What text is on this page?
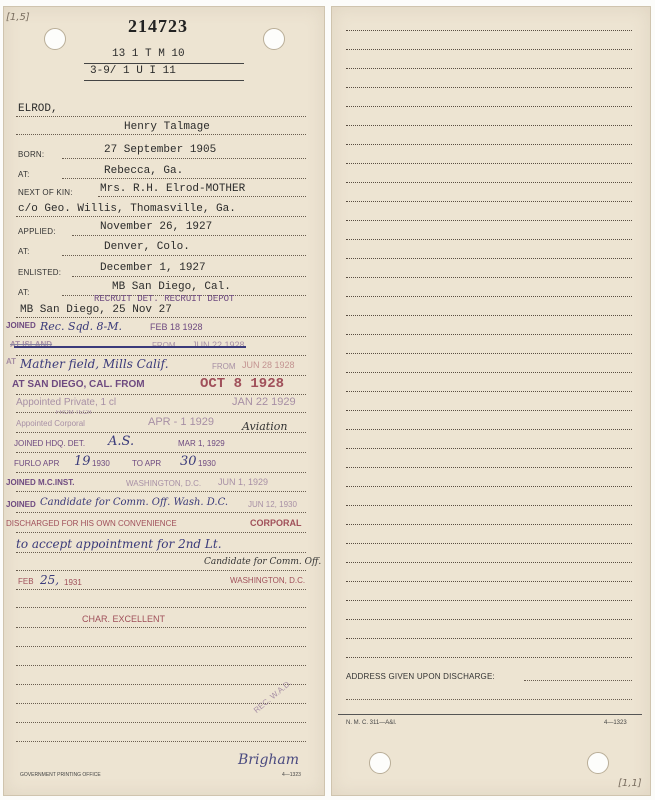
[1,5]	214723
13 1 T M 10
3-9/ 1 U I 11
ELROD,
Henry Talmage
BORN:	27 September 1905
AT:	Rebecca, Ga.
NEXT OF KIN: Mrs. R.H. Elrod-MOTHER
c/o Geo. Willis, Thomasville, Ga.
APPLIED:	November 26, 1927
AT:	Denver, Colo.
ENLISTED:	December 1, 1927
AT:	MB San Diego, Cal.
RECRUIT DET. RECRUIT DEPOT
MB San Diego, 25 Nov 27
JOINED Rec. Sqd. 8-M.	FEB 18 1928
AT ISLAND	FROM JUN 22 1928
AT Mather field, Mills Calif.	FROM JUN 28 1928
AT SAN DIEGO, CAL. FROM	OCT 8 1928
Appointed Private, 1 cl	JAN 22 1929
FROM TECH
Appointed Corporal	APR - 1 1929	Aviation
JOINED HDQ. DET. A.S.	MAR 1, 1929
FURLO APR 19 1930	TO APR 30 1930
JOINED M.C.INST.	WASHINGTON, D.C. JUN 1, 1929
JOINED Candidate for Comm. Off. Wash. D.C. JUN 12, 1930
DISCHARGED FOR HIS OWN CONVENIENCE	CORPORAL
to accept appointment for 2nd Lt.
Candidate for Comm. Off.
FEB 25, 1931	WASHINGTON, D.C.
CHAR. EXCELLENT
REC. W.A.D.
Brigham
GOVERNMENT PRINTING OFFICE	4—1323
ADDRESS GIVEN UPON DISCHARGE:
N. M. C. 311—A&I.	4—1323
[1,1]
